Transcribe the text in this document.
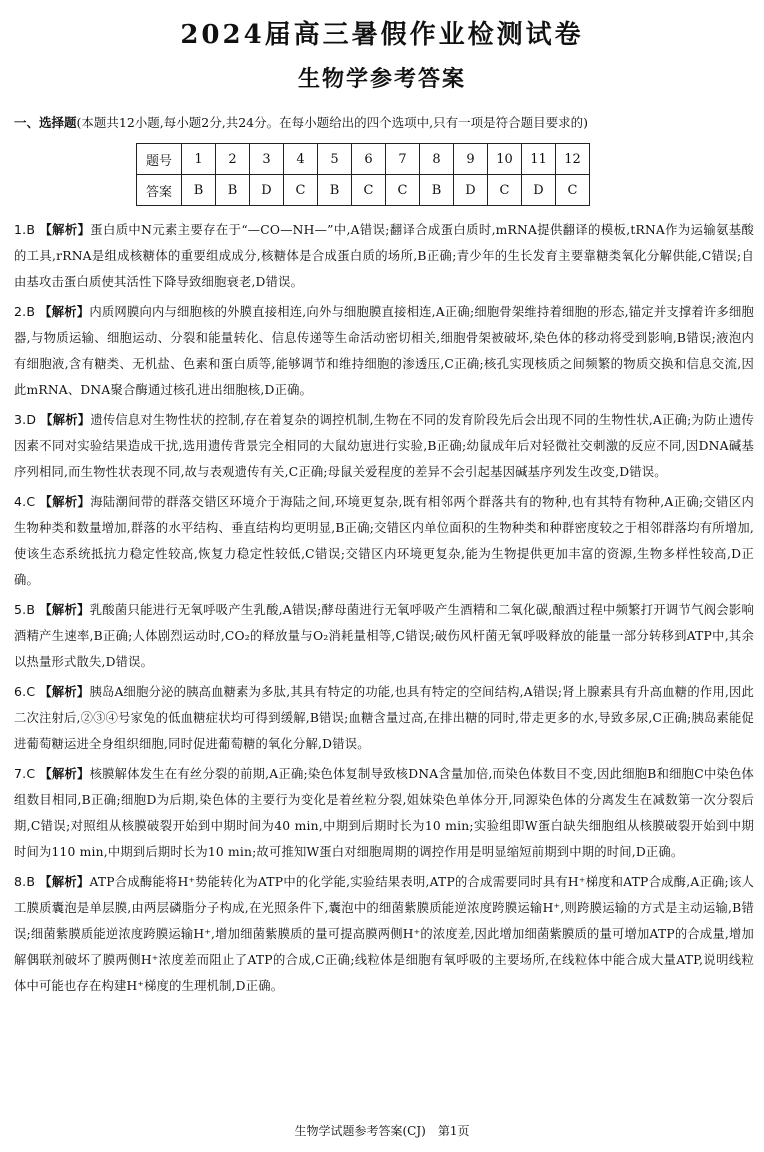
2024届高三暑假作业检测试卷
生物学参考答案
一、选择题(本题共12小题,每小题2分,共24分。在每小题给出的四个选项中,只有一项是符合题目要求的)
题号	1	2	3	4	5	6	7	8	9	10	11	12
答案	B	B	D	C	B	C	C	B	D	C	D	C
1.B 【解析】蛋白质中N元素主要存在于“—CO—NH—”中,A错误;翻译合成蛋白质时,mRNA提供翻译的模板,tRNA作为运输氨基酸的工具,rRNA是组成核糖体的重要组成成分,核糖体是合成蛋白质的场所,B正确;青少年的生长发育主要靠糖类氧化分解供能,C错误;自由基攻击蛋白质使其活性下降导致细胞衰老,D错误。
2.B 【解析】内质网膜向内与细胞核的外膜直接相连,向外与细胞膜直接相连,A正确;细胞骨架维持着细胞的形态,锚定并支撑着许多细胞器,与物质运输、细胞运动、分裂和能量转化、信息传递等生命活动密切相关,细胞骨架被破坏,染色体的移动将受到影响,B错误;液泡内有细胞液,含有糖类、无机盐、色素和蛋白质等,能够调节和维持细胞的渗透压,C正确;核孔实现核质之间频繁的物质交换和信息交流,因此mRNA、DNA聚合酶通过核孔进出细胞核,D正确。
3.D 【解析】遗传信息对生物性状的控制,存在着复杂的调控机制,生物在不同的发育阶段先后会出现不同的生物性状,A正确;为防止遗传因素不同对实验结果造成干扰,选用遗传背景完全相同的大鼠幼崽进行实验,B正确;幼鼠成年后对轻微社交刺激的反应不同,因DNA碱基序列相同,而生物性状表现不同,故与表观遗传有关,C正确;母鼠关爱程度的差异不会引起基因碱基序列发生改变,D错误。
4.C 【解析】海陆潮间带的群落交错区环境介于海陆之间,环境更复杂,既有相邻两个群落共有的物种,也有其特有物种,A正确;交错区内生物种类和数量增加,群落的水平结构、垂直结构均更明显,B正确;交错区内单位面积的生物种类和种群密度较之于相邻群落均有所增加,使该生态系统抵抗力稳定性较高,恢复力稳定性较低,C错误;交错区内环境更复杂,能为生物提供更加丰富的资源,生物多样性较高,D正确。
5.B 【解析】乳酸菌只能进行无氧呼吸产生乳酸,A错误;酵母菌进行无氧呼吸产生酒精和二氧化碳,酿酒过程中频繁打开调节气阀会影响酒精产生速率,B正确;人体剧烈运动时,CO₂的释放量与O₂消耗量相等,C错误;破伤风杆菌无氧呼吸释放的能量一部分转移到ATP中,其余以热量形式散失,D错误。
6.C 【解析】胰岛A细胞分泌的胰高血糖素为多肽,其具有特定的功能,也具有特定的空间结构,A错误;肾上腺素具有升高血糖的作用,因此二次注射后,②③④号家兔的低血糖症状均可得到缓解,B错误;血糖含量过高,在排出糖的同时,带走更多的水,导致多尿,C正确;胰岛素能促进葡萄糖运进全身组织细胞,同时促进葡萄糖的氧化分解,D错误。
7.C 【解析】核膜解体发生在有丝分裂的前期,A正确;染色体复制导致核DNA含量加倍,而染色体数目不变,因此细胞B和细胞C中染色体组数目相同,B正确;细胞D为后期,染色体的主要行为变化是着丝粒分裂,姐妹染色单体分开,同源染色体的分离发生在减数第一次分裂后期,C错误;对照组从核膜破裂开始到中期时间为40 min,中期到后期时长为10 min;实验组即W蛋白缺失细胞组从核膜破裂开始到中期时间为110 min,中期到后期时长为10 min;故可推知W蛋白对细胞周期的调控作用是明显缩短前期到中期的时间,D正确。
8.B 【解析】ATP合成酶能将H⁺势能转化为ATP中的化学能,实验结果表明,ATP的合成需要同时具有H⁺梯度和ATP合成酶,A正确;该人工膜质囊泡是单层膜,由两层磷脂分子构成,在光照条件下,囊泡中的细菌紫膜质能逆浓度跨膜运输H⁺,则跨膜运输的方式是主动运输,B错误;细菌紫膜质能逆浓度跨膜运输H⁺,增加细菌紫膜质的量可提高膜两侧H⁺的浓度差,因此增加细菌紫膜质的量可增加ATP的合成量,增加解偶联剂破坏了膜两侧H⁺浓度差而阻止了ATP的合成,C正确;线粒体是细胞有氧呼吸的主要场所,在线粒体中能合成大量ATP,说明线粒体中可能也存在构建H⁺梯度的生理机制,D正确。
生物学试题参考答案(CJ)　第1页
